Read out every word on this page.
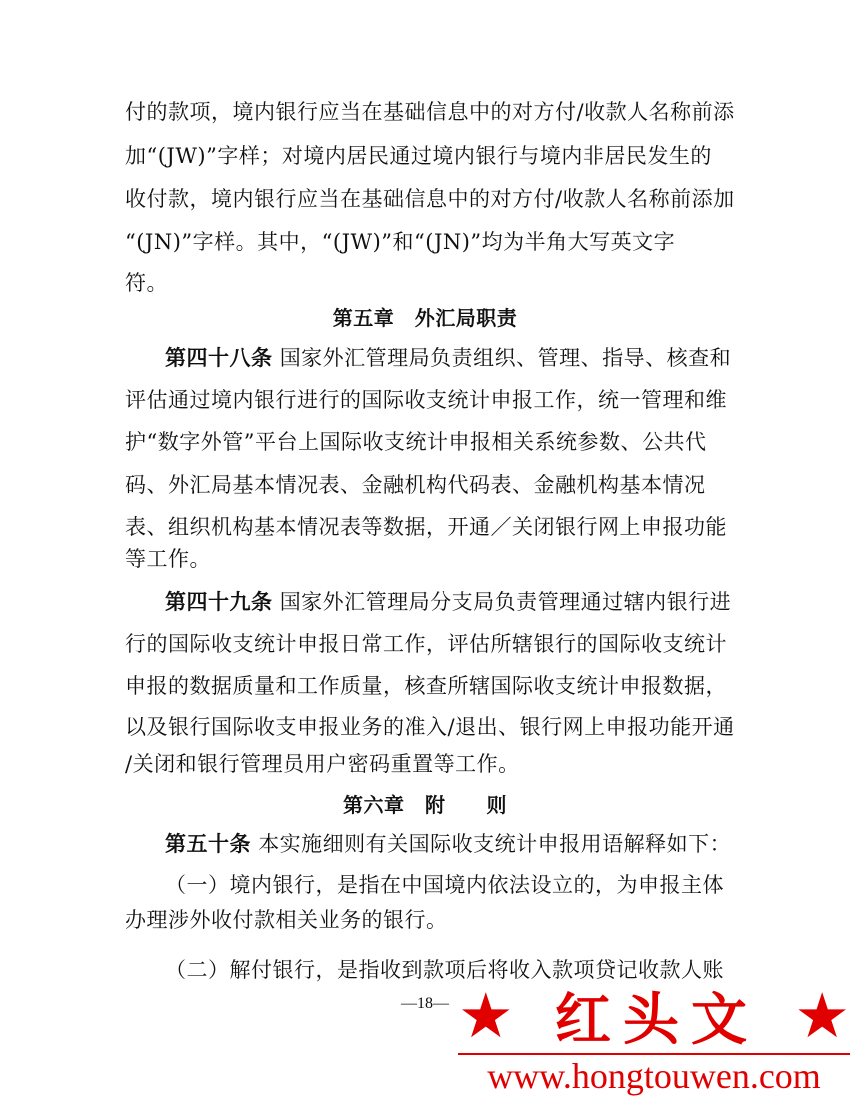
付的款项，境内银行应当在基础信息中的对方付/收款人名称前添
加“(JW)”字样；对境内居民通过境内银行与境内非居民发生的
收付款，境内银行应当在基础信息中的对方付/收款人名称前添加
“(JN)”字样。其中，“(JW)”和“(JN)”均为半角大写英文字
符。
第五章　外汇局职责
第四十八条 国家外汇管理局负责组织、管理、指导、核查和
评估通过境内银行进行的国际收支统计申报工作，统一管理和维
护“数字外管”平台上国际收支统计申报相关系统参数、公共代
码、外汇局基本情况表、金融机构代码表、金融机构基本情况
表、组织机构基本情况表等数据，开通／关闭银行网上申报功能
等工作。
第四十九条 国家外汇管理局分支局负责管理通过辖内银行进
行的国际收支统计申报日常工作，评估所辖银行的国际收支统计
申报的数据质量和工作质量，核查所辖国际收支统计申报数据，
以及银行国际收支申报业务的准入/退出、银行网上申报功能开通
/关闭和银行管理员用户密码重置等工作。
第六章　附　　则
第五十条 本实施细则有关国际收支统计申报用语解释如下：
（一）境内银行，是指在中国境内依法设立的，为申报主体
办理涉外收付款相关业务的银行。
（二）解付银行，是指收到款项后将收入款项贷记收款人账
—18— ★ 红头文 ★
www.hongtouwen.com
